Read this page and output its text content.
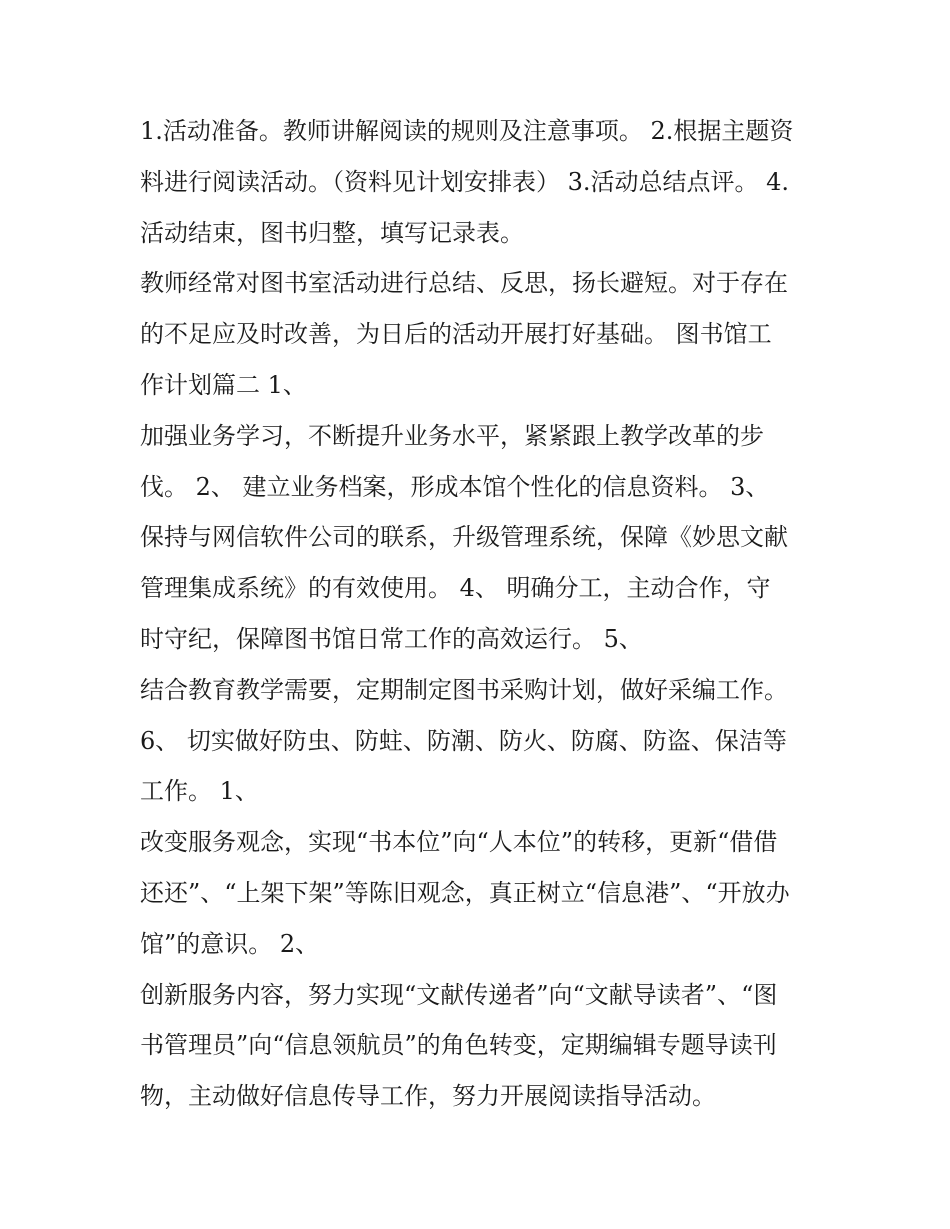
1.活动准备。教师讲解阅读的规则及注意事项。 2.根据主题资
料进行阅读活动。（资料见计划安排表） 3.活动总结点评。 4.
活动结束，图书归整，填写记录表。
教师经常对图书室活动进行总结、反思，扬长避短。对于存在
的不足应及时改善，为日后的活动开展打好基础。 图书馆工
作计划篇二 1、
加强业务学习，不断提升业务水平，紧紧跟上教学改革的步
伐。 2、 建立业务档案，形成本馆个性化的信息资料。 3、
保持与网信软件公司的联系，升级管理系统，保障《妙思文献
管理集成系统》的有效使用。 4、 明确分工，主动合作，守
时守纪，保障图书馆日常工作的高效运行。 5、
结合教育教学需要，定期制定图书采购计划，做好采编工作。
6、 切实做好防虫、防蛀、防潮、防火、防腐、防盗、保洁等
工作。 1、
改变服务观念，实现“书本位”向“人本位”的转移，更新“借借
还还”、“上架下架”等陈旧观念，真正树立“信息港”、“开放办
馆”的意识。 2、
创新服务内容，努力实现“文献传递者”向“文献导读者”、“图
书管理员”向“信息领航员”的角色转变，定期编辑专题导读刊
物，主动做好信息传导工作，努力开展阅读指导活动。
